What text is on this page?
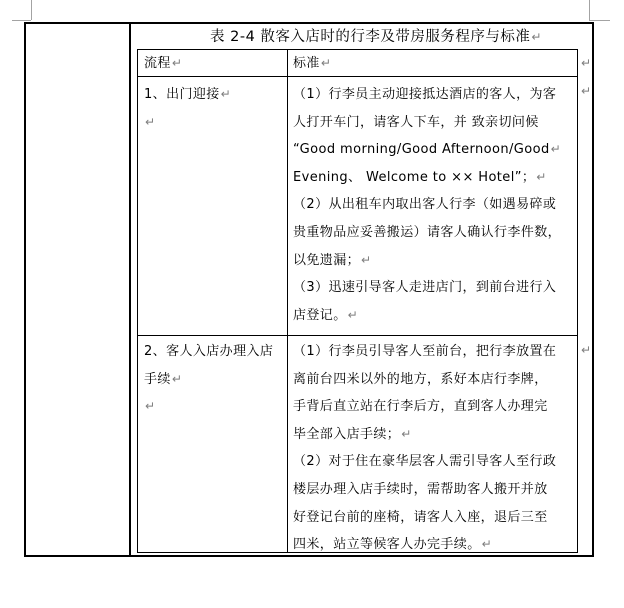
表 2-4 散客入店时的行李及带房服务程序与标准↵
流程↵	标准↵
1、出门迎接↵
↵
（1）行李员主动迎接抵达酒店的客人，为客
人打开车门，请客人下车，并 致亲切问候
“Good morning/Good Afternoon/Good↵
Evening、 Welcome to ×× Hotel”；↵
（2）从出租车内取出客人行李（如遇易碎或
贵重物品应妥善搬运）请客人确认行李件数，
以免遗漏；↵
（3）迅速引导客人走进店门，到前台进行入
店登记。↵
2、客人入店办理入店
手续↵
↵
（1）行李员引导客人至前台，把行李放置在
离前台四米以外的地方，系好本店行李牌，
手背后直立站在行李后方，直到客人办理完
毕全部入店手续；↵
（2）对于住在豪华层客人需引导客人至行政
楼层办理入店手续时，需帮助客人搬开并放
好登记台前的座椅，请客人入座，退后三至
四米，站立等候客人办完手续。↵
↵
↵
↵
